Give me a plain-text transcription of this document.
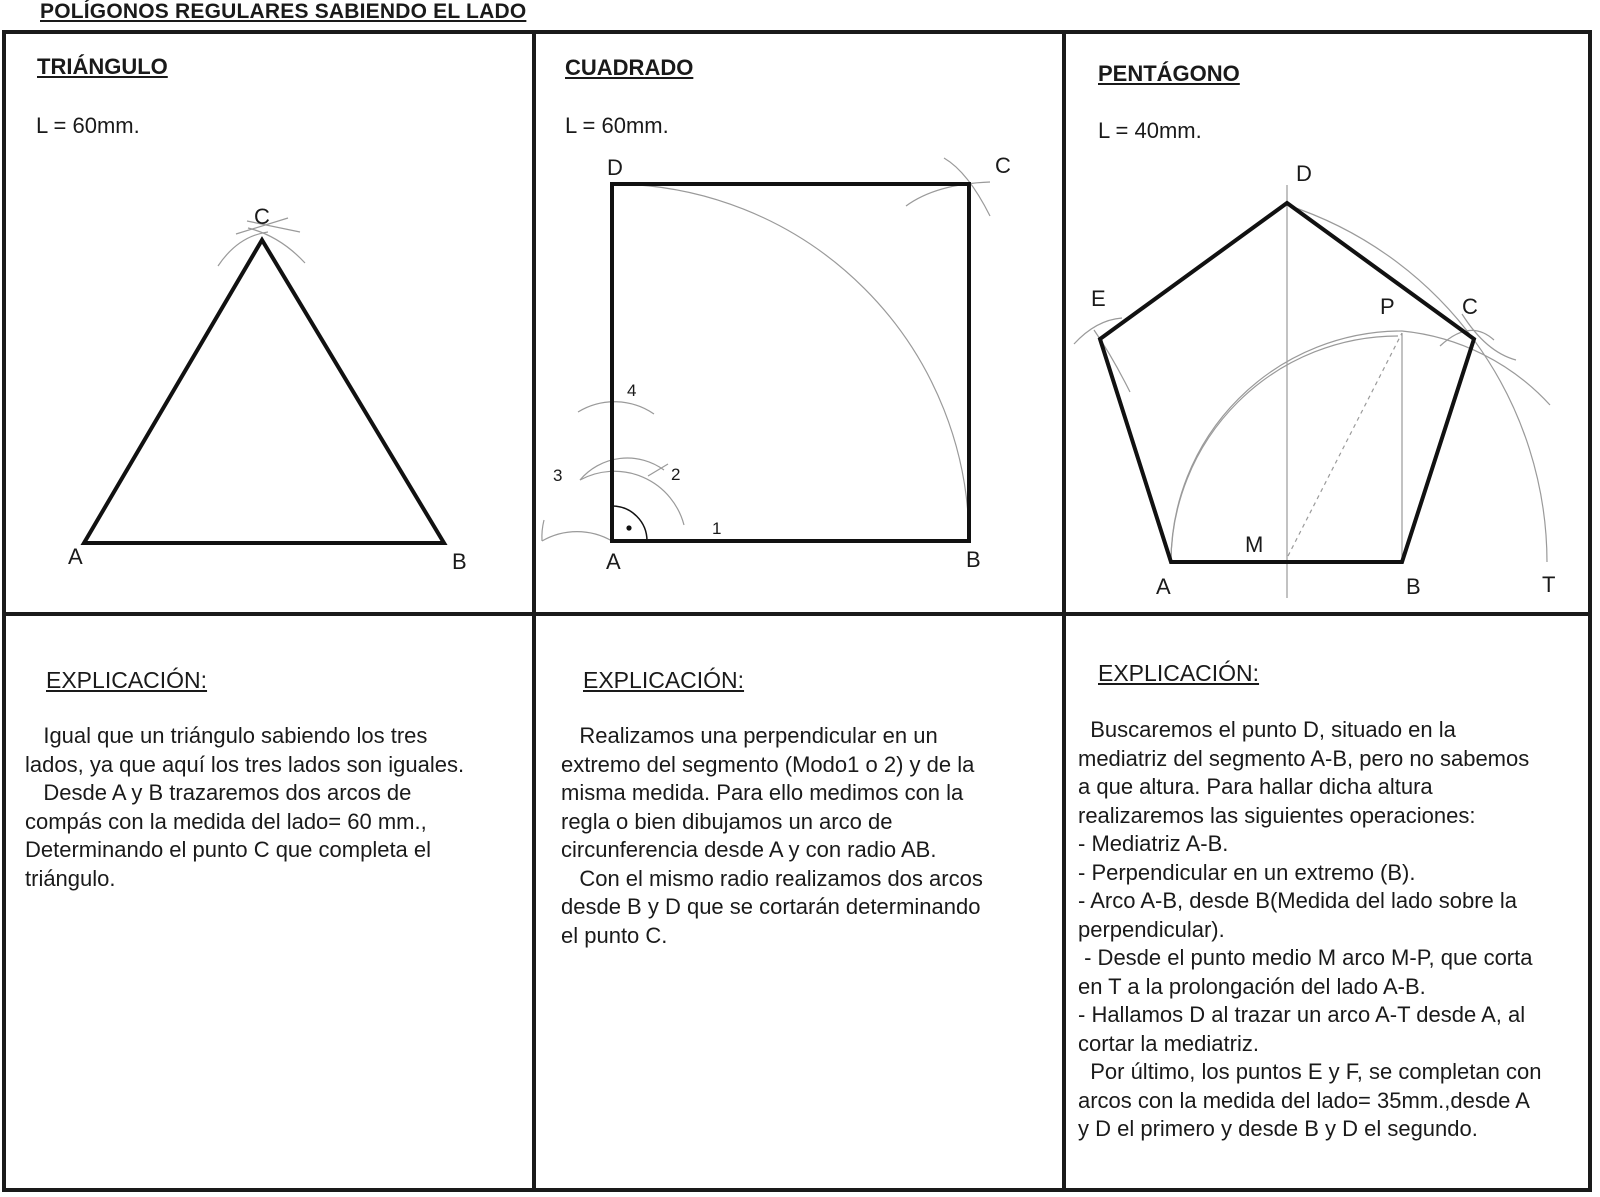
POLÍGONOS REGULARES SABIENDO EL LADO
TRIÁNGULO
L = 60mm.
CUADRADO
L = 60mm.
PENTÁGONO
L = 40mm.
A	B
C
A	B
C
D
1
2
3
4
A	B
C
D
E
M
P
T
EXPLICACIÓN:

Igual que un triángulo sabiendo los tres

lados, ya que aquí los tres lados son iguales.

Desde A y B trazaremos dos arcos de

compás con la medida del lado= 60 mm.,

Determinando el punto C que completa el

triángulo.

EXPLICACIÓN:

Realizamos una perpendicular en un

extremo del segmento (Modo1 o 2) y de la

misma medida. Para ello medimos con la

regla o bien dibujamos un arco de

circunferencia desde A y con radio AB.

Con el mismo radio realizamos dos arcos

desde B y D que se cortarán determinando

el punto C.

EXPLICACIÓN:

Buscaremos el punto D, situado en la

mediatriz del segmento A-B, pero no sabemos

a que altura. Para hallar dicha altura

realizaremos las siguientes operaciones:

- Mediatriz A-B.

- Perpendicular en un extremo (B).

- Arco A-B, desde B(Medida del lado sobre la

perpendicular).

- Desde el punto medio M arco M-P, que corta

en T a la prolongación del lado A-B.

- Hallamos D al trazar un arco A-T desde A, al

cortar la mediatriz.

Por último, los puntos E y F, se completan con

arcos con la medida del lado= 35mm.,desde A

y D el primero y desde B y D el segundo.
